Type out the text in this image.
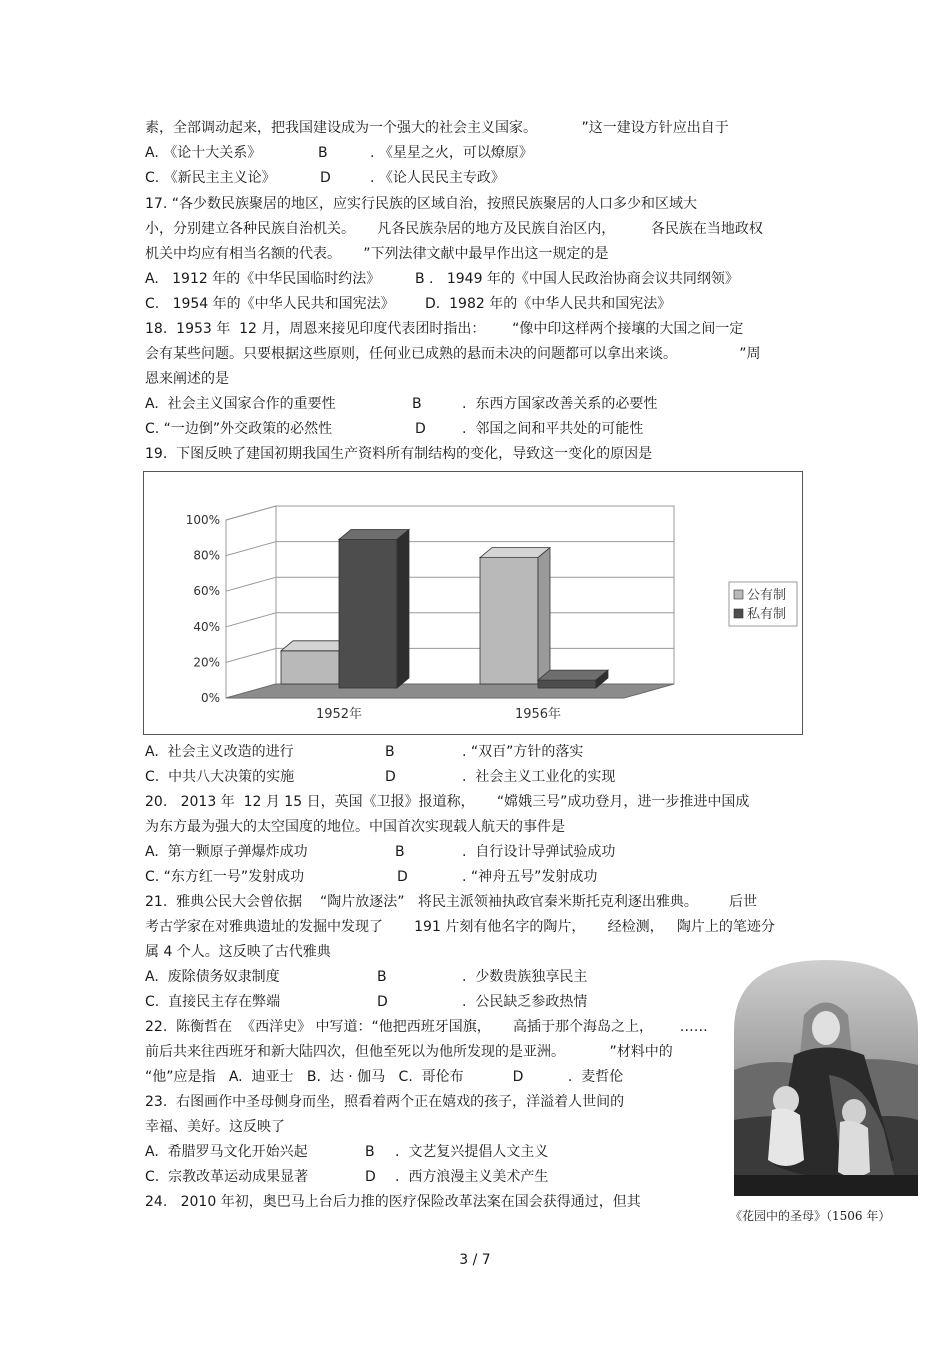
素，全部调动起来，把我国建设成为一个强大的社会主义国家。          ”这一建设方针应出自于
A. 《论十大关系》	B	. 《星星之火，可以燎原》
C. 《新民主主义论》	D	. 《论人民民主专政》
17. “各少数民族聚居的地区，应实行民族的区域自治，按照民族聚居的人口多少和区域大
小，分别建立各种民族自治机关。     凡各民族杂居的地方及民族自治区内，        各民族在当地政权
机关中均应有相当名额的代表。     ”下列法律文献中最早作出这一规定的是
A.   1912 年的《中华民国临时约法》 B .   1949 年的《中国人民政治协商会议共同纲领》
C.   1954 年的《中华人民共和国宪法》 D.  1982 年的《中华人民共和国宪法》
18.  1953 年  12 月，周恩来接见印度代表团时指出：      “像中印这样两个接壤的大国之间一定
会有某些问题。只要根据这些原则，任何业已成熟的悬而未决的问题都可以拿出来谈。              ”周
恩来阐述的是
A.  社会主义国家合作的重要性	B	.  东西方国家改善关系的必要性
C. “一边倒”外交政策的必然性	D	.  邻国之间和平共处的可能性
19.  下图反映了建国初期我国生产资料所有制结构的变化，导致这一变化的原因是
0%
20%
40%
60%
80%
100%
1952年	1956年
公有制
私有制
A.  社会主义改造的进行	B	. “双百”方针的落实
C.  中共八大决策的实施	D	.  社会主义工业化的实现
20.   2013 年  12 月 15 日，英国《卫报》报道称，     “嫦娥三号”成功登月，进一步推进中国成
为东方最为强大的太空国度的地位。中国首次实现载人航天的事件是
A.  第一颗原子弹爆炸成功	B	.  自行设计导弹试验成功
C. “东方红一号”发射成功	D	. “神舟五号”发射成功
21.  雅典公民大会曾依据    “陶片放逐法”   将民主派领袖执政官秦米斯托克利逐出雅典。       后世
考古学家在对雅典遗址的发掘中发现了       191 片刻有他名字的陶片，     经检测，   陶片上的笔迹分
属 4 个人。这反映了古代雅典
A.  废除债务奴隶制度	B	.  少数贵族独享民主
C.  直接民主存在弊端	D	.  公民缺乏参政热情
22.  陈衡哲在  《西洋史》 中写道：“他把西班牙国旗，     高插于那个海岛之上，      ……
前后共来往西班牙和新大陆四次，但他至死以为他所发现的是亚洲。          ”材料中的
“他”应是指   A.  迪亚士   B.  达 · 伽马   C.  哥伦布           D          .  麦哲伦
23.  右图画作中圣母侧身而坐，照看着两个正在嬉戏的孩子，洋溢着人世间的
幸福、美好。这反映了
A.  希腊罗马文化开始兴起	B .  文艺复兴提倡人文主义
C.  宗教改革运动成果显著	D .  西方浪漫主义美术产生
24.   2010 年初，奥巴马上台后力推的医疗保险改革法案在国会获得通过，但其
《花园中的圣母》（1506 年）
3 / 7
